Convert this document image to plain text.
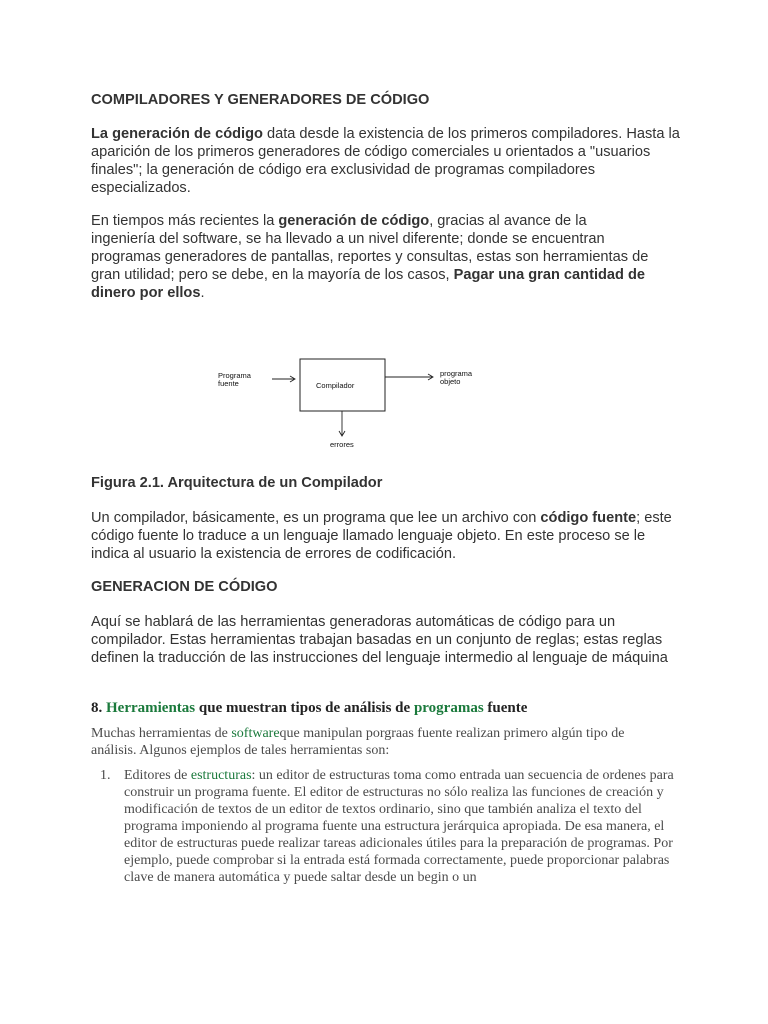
COMPILADORES Y GENERADORES DE CÓDIGO

La generación de código data desde la existencia de los primeros compiladores. Hasta la aparición de los primeros generadores de código comerciales u orientados a "usuarios finales"; la generación de código era exclusividad de programas compiladores especializados.

En tiempos más recientes la generación de código, gracias al avance de la ingeniería del software, se ha llevado a un nivel diferente; donde se encuentran programas generadores de pantallas, reportes y consultas, estas son herramientas de gran utilidad; pero se debe, en la mayoría de los casos, Pagar una gran cantidad de dinero por ellos.

Programa
fuente	Compilador
programa
objeto
errores
Figura 2.1. Arquitectura de un Compilador

Un compilador, básicamente, es un programa que lee un archivo con código fuente; este código fuente lo traduce a un lenguaje llamado lenguaje objeto. En este proceso se le indica al usuario la existencia de errores de codificación.

GENERACION DE CÓDIGO

Aquí se hablará de las herramientas generadoras automáticas de código para un compilador. Estas herramientas trabajan basadas en un conjunto de reglas; estas reglas definen la traducción de las instrucciones del lenguaje intermedio al lenguaje de máquina

8. Herramientas que muestran tipos de análisis de programas fuente

Muchas herramientas de softwareque manipulan porgraas fuente realizan primero algún tipo de análisis. Algunos ejemplos de tales herramientas son:

1. Editores de estructuras: un editor de estructuras toma como entrada uan secuencia de ordenes para construir un programa fuente. El editor de estructuras no sólo realiza las funciones de creación y modificación de textos de un editor de textos ordinario, sino que también analiza el texto del programa imponiendo al programa fuente una estructura jerárquica apropiada. De esa manera, el editor de estructuras puede realizar tareas adicionales útiles para la preparación de programas. Por ejemplo, puede comprobar si la entrada está formada correctamente, puede proporcionar palabras clave de manera automática y puede saltar desde un begin o un
